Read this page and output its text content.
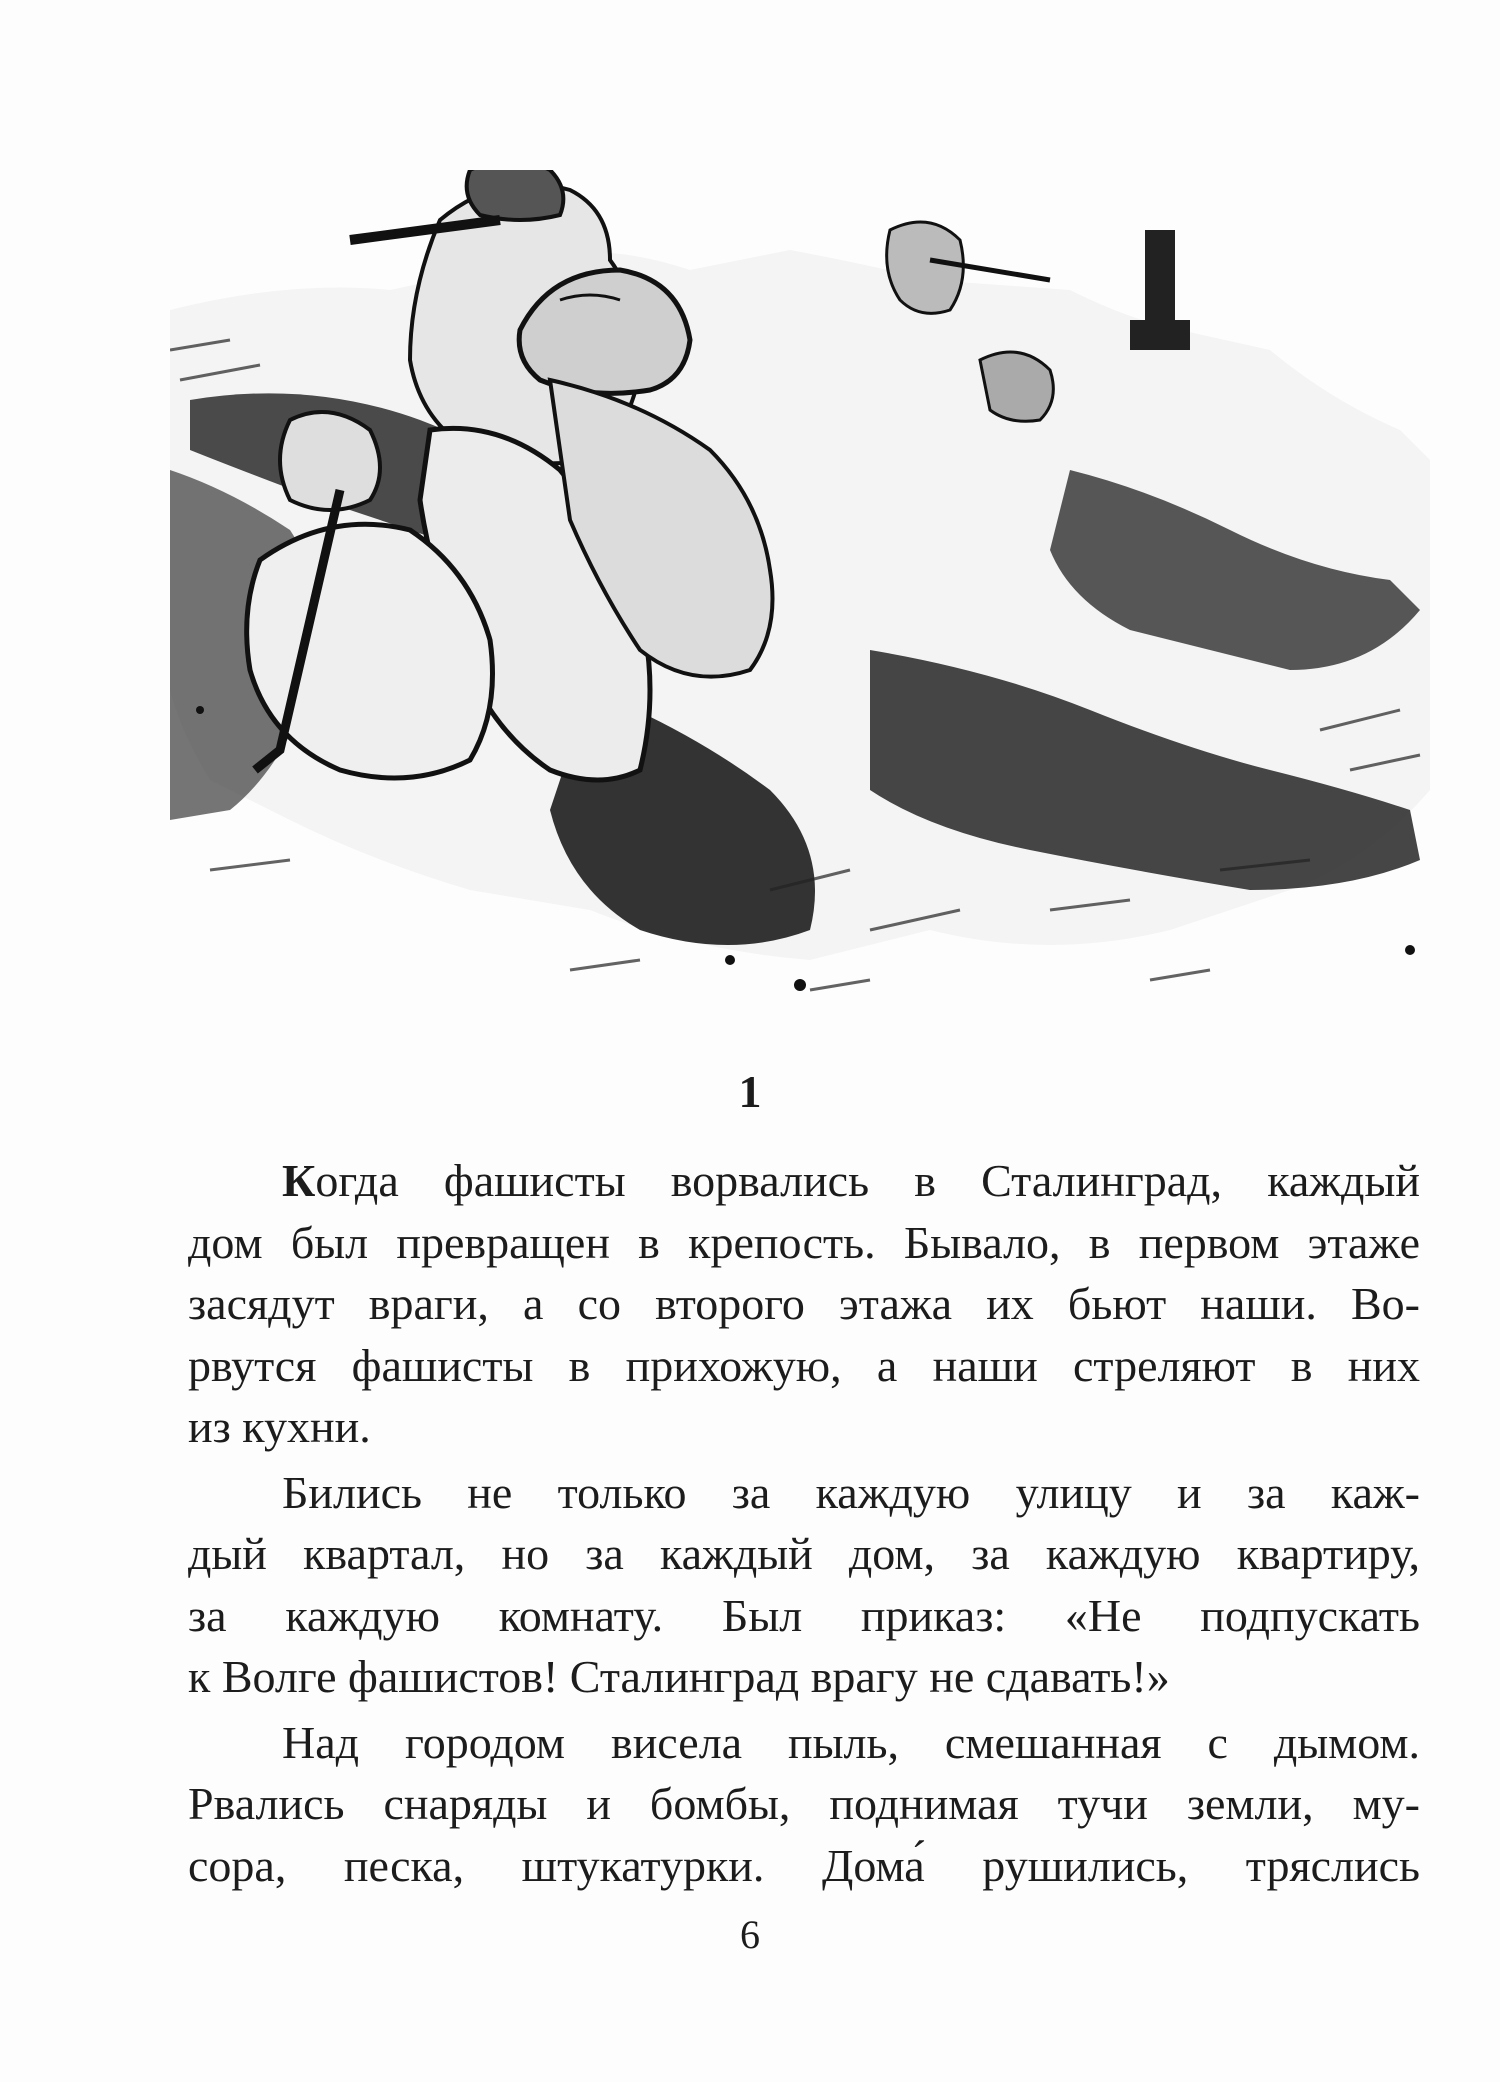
1

Когда фашисты ворвались в Сталинград, каждый
дом был превращен в крепость. Бывало, в первом этаже
засядут враги, а со второго этажа их бьют наши. Во-
рвутся фашисты в прихожую, а наши стреляют в них
из кухни.

Бились не только за каждую улицу и за каж-
дый квартал, но за каждый дом, за каждую квартиру,
за каждую комнату. Был приказ: «Не подпускать
к Волге фашистов! Сталинград врагу не сдавать!»

Над городом висела пыль, смешанная с дымом.
Рвались снаряды и бомбы, поднимая тучи земли, му-
сора, песка, штукатурки. Дома́ рушились, тряслись

6
